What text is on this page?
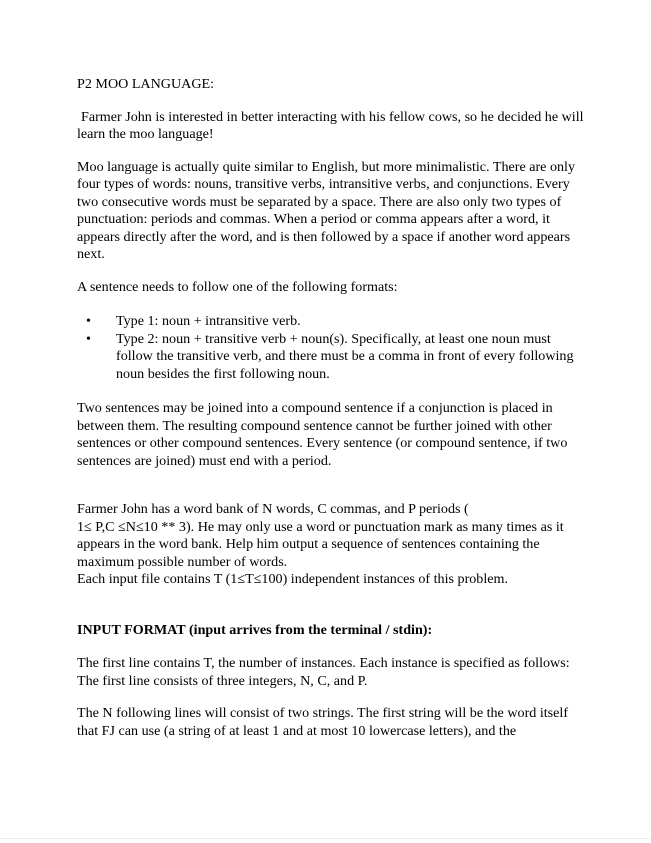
P2 MOO LANGUAGE:

Farmer John is interested in better interacting with his fellow cows, so he decided he will learn the moo language!

Moo language is actually quite similar to English, but more minimalistic. There are only four types of words: nouns, transitive verbs, intransitive verbs, and conjunctions. Every two consecutive words must be separated by a space. There are also only two types of punctuation: periods and commas. When a period or comma appears after a word, it appears directly after the word, and is then followed by a space if another word appears next.

A sentence needs to follow one of the following formats:

• Type 1: noun + intransitive verb.
• Type 2: noun + transitive verb + noun(s). Specifically, at least one noun must follow the transitive verb, and there must be a comma in front of every following noun besides the first following noun.

Two sentences may be joined into a compound sentence if a conjunction is placed in between them. The resulting compound sentence cannot be further joined with other sentences or other compound sentences. Every sentence (or compound sentence, if two sentences are joined) must end with a period.

Farmer John has a word bank of N words, C commas, and P periods (
1≤ P,C ≤N≤10 ** 3). He may only use a word or punctuation mark as many times as it appears in the word bank. Help him output a sequence of sentences containing the maximum possible number of words.
Each input file contains T (1≤T≤100) independent instances of this problem.

INPUT FORMAT (input arrives from the terminal / stdin):

The first line contains T, the number of instances. Each instance is specified as follows:
The first line consists of three integers, N, C, and P.

The N following lines will consist of two strings. The first string will be the word itself that FJ can use (a string of at least 1 and at most 10 lowercase letters), and the
